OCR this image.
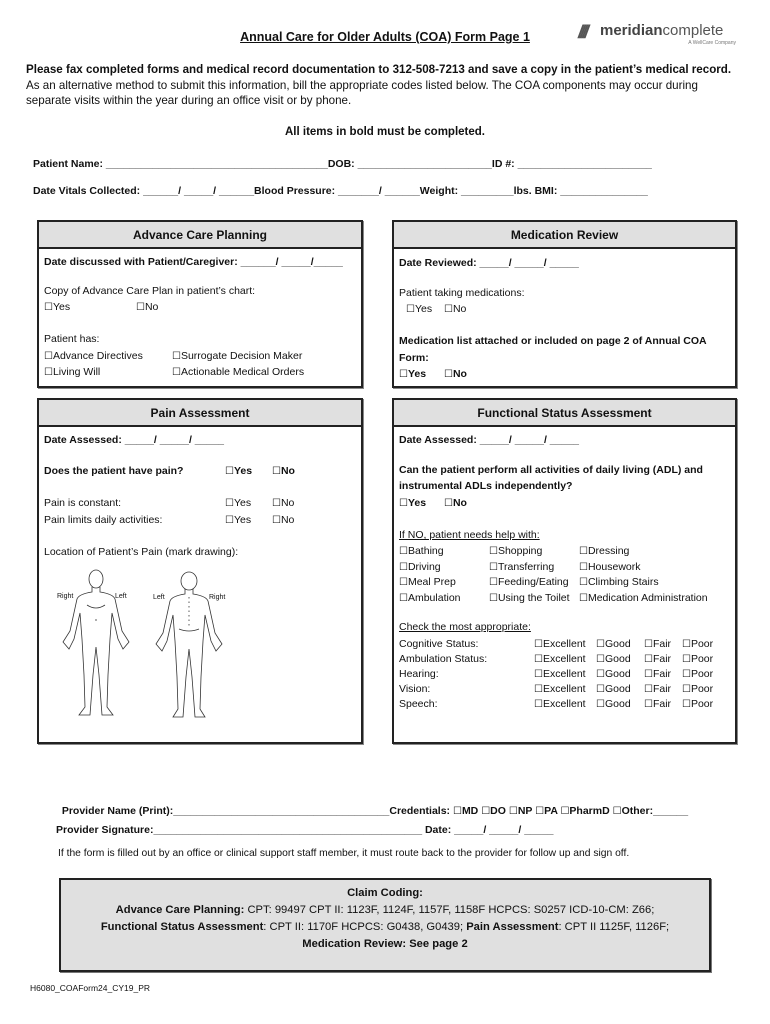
Annual Care for Older Adults (COA) Form Page 1	//// meridiancomplete
A WellCare Company
Please fax completed forms and medical record documentation to 312-508-7213 and save a copy in the patient’s medical record. As an alternative method to submit this information, bill the appropriate codes listed below. The COA components may occur during separate visits within the year during an office visit or by phone.
All items in bold must be completed.
Patient Name: ______________________________________DOB: _______________________ID #: _______________________
Date Vitals Collected: ______/ _____/ ______Blood Pressure: _______/ ______Weight: _________lbs. BMI: _______________
Advance Care Planning
Date discussed with Patient/Caregiver: ______/ _____/_____
Copy of Advance Care Plan in patient’s chart:
☐Yes	☐No
Patient has:
☐Advance Directives	☐Surrogate Decision Maker
☐Living Will	☐Actionable Medical Orders
Medication Review
Date Reviewed: _____/ _____/ _____
Patient taking medications:
☐Yes ☐No
Medication list attached or included on page 2 of Annual COA
Form:
☐Yes ☐No
Pain Assessment
Date Assessed: _____/ _____/ _____
Does the patient have pain?	☐Yes ☐No
Pain is constant:	☐Yes ☐No
Pain limits daily activities:	☐Yes ☐No
Location of Patient’s Pain (mark drawing):
Right	Left	Left	Right
Functional Status Assessment
Date Assessed: _____/ _____/ _____
Can the patient perform all activities of daily living (ADL) and
instrumental ADLs independently?
☐Yes ☐No
If NO, patient needs help with:
☐Bathing	☐Shopping	☐Dressing
☐Driving	☐Transferring ☐Housework
☐Meal Prep	☐Feeding/Eating ☐Climbing Stairs
☐Ambulation	☐Using the Toilet ☐Medication Administration
Check the most appropriate:
Cognitive Status:	☐Excellent ☐Good ☐Fair ☐Poor
Ambulation Status:	☐Excellent ☐Good ☐Fair ☐Poor
Hearing:	☐Excellent ☐Good ☐Fair ☐Poor
Vision:	☐Excellent ☐Good ☐Fair ☐Poor
Speech:	☐Excellent ☐Good ☐Fair ☐Poor

Provider Name (Print):_____________________________________Credentials: ☐MD ☐DO ☐NP ☐PA ☐PharmD ☐Other:______

Provider Signature:______________________________________________ Date: _____/ _____/ _____
If the form is filled out by an office or clinical support staff member, it must route back to the provider for follow up and sign off.
Claim Coding:
Advance Care Planning: CPT: 99497 CPT II: 1123F, 1124F, 1157F, 1158F HCPCS: S0257 ICD-10-CM: Z66;
Functional Status Assessment: CPT II: 1170F HCPCS: G0438, G0439; Pain Assessment: CPT II 1125F, 1126F;
Medication Review: See page 2
H6080_COAForm24_CY19_PR
